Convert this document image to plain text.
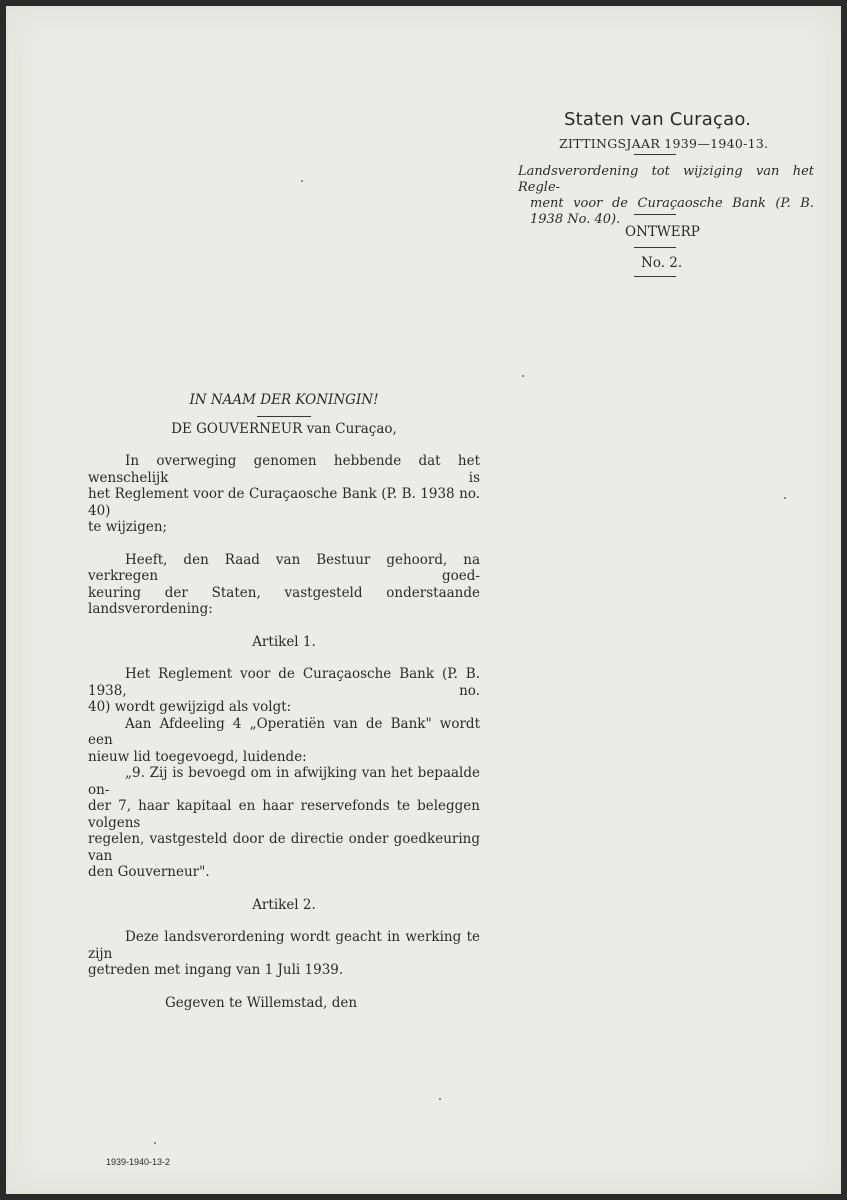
Staten van Curaçao.
ZITTINGSJAAR 1939—1940-13.
Landsverordening tot wijziging van het Regle-
ment voor de Curaçaosche Bank (P. B.
1938 No. 40).
ONTWERP
No. 2.
IN NAAM DER KONINGIN!
DE GOUVERNEUR van Curaçao,
In overweging genomen hebbende dat het wenschelijk is
het Reglement voor de Curaçaosche Bank (P. B. 1938 no. 40)
te wijzigen;
Heeft, den Raad van Bestuur gehoord, na verkregen goed-
keuring der Staten, vastgesteld onderstaande landsverordening:
Artikel 1.
Het Reglement voor de Curaçaosche Bank (P. B. 1938, no.
40) wordt gewijzigd als volgt:
Aan Afdeeling 4 „Operatiën van de Bank" wordt een
nieuw lid toegevoegd, luidende:
„9. Zij is bevoegd om in afwijking van het bepaalde on-
der 7, haar kapitaal en haar reservefonds te beleggen volgens
regelen, vastgesteld door de directie onder goedkeuring van
den Gouverneur".
Artikel 2.
Deze landsverordening wordt geacht in werking te zijn
getreden met ingang van 1 Juli 1939.
Gegeven te Willemstad, den
1939-1940-13-2
